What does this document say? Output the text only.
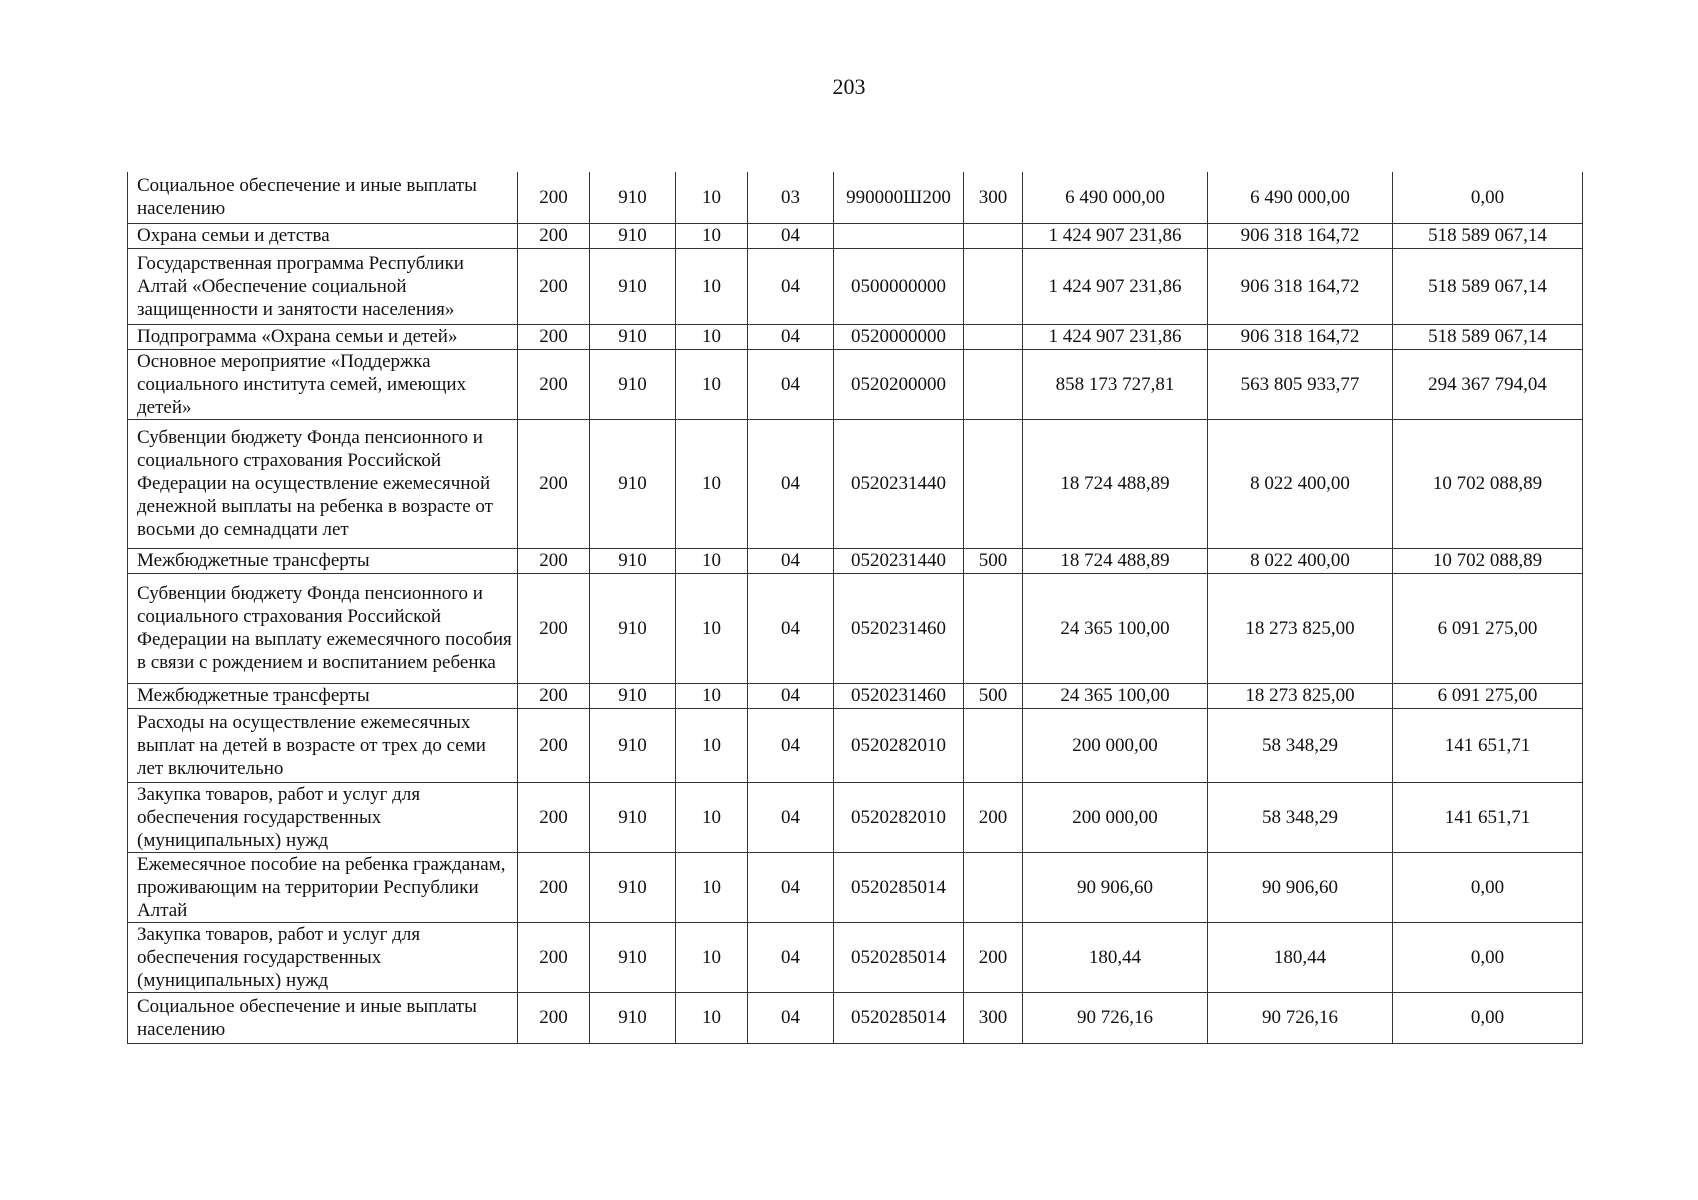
203
Социальное обеспечение и иные выплаты населению	200	910	10	03	990000Ш200	300	6 490 000,00	6 490 000,00	0,00
Охрана семьи и детства	200	910	10	04			1 424 907 231,86	906 318 164,72	518 589 067,14
Государственная программа Республики Алтай «Обеспечение социальной защищенности и занятости населения»	200	910	10	04	0500000000		1 424 907 231,86	906 318 164,72	518 589 067,14
Подпрограмма «Охрана семьи и детей»	200	910	10	04	0520000000		1 424 907 231,86	906 318 164,72	518 589 067,14
Основное мероприятие «Поддержка социального института семей, имеющих детей»	200	910	10	04	0520200000		858 173 727,81	563 805 933,77	294 367 794,04
Субвенции бюджету Фонда пенсионного и социального страхования Российской Федерации на осуществление ежемесячной денежной выплаты на ребенка в возрасте от восьми до семнадцати лет	200	910	10	04	0520231440		18 724 488,89	8 022 400,00	10 702 088,89
Межбюджетные трансферты	200	910	10	04	0520231440	500	18 724 488,89	8 022 400,00	10 702 088,89
Субвенции бюджету Фонда пенсионного и социального страхования Российской Федерации на выплату ежемесячного пособия в связи с рождением и воспитанием ребенка	200	910	10	04	0520231460		24 365 100,00	18 273 825,00	6 091 275,00
Межбюджетные трансферты	200	910	10	04	0520231460	500	24 365 100,00	18 273 825,00	6 091 275,00
Расходы на осуществление ежемесячных выплат на детей в возрасте от трех до семи лет включительно	200	910	10	04	0520282010		200 000,00	58 348,29	141 651,71
Закупка товаров, работ и услуг для обеспечения государственных (муниципальных) нужд	200	910	10	04	0520282010	200	200 000,00	58 348,29	141 651,71
Ежемесячное пособие на ребенка гражданам, проживающим на территории Республики Алтай	200	910	10	04	0520285014		90 906,60	90 906,60	0,00
Закупка товаров, работ и услуг для обеспечения государственных (муниципальных) нужд	200	910	10	04	0520285014	200	180,44	180,44	0,00
Социальное обеспечение и иные выплаты населению	200	910	10	04	0520285014	300	90 726,16	90 726,16	0,00
